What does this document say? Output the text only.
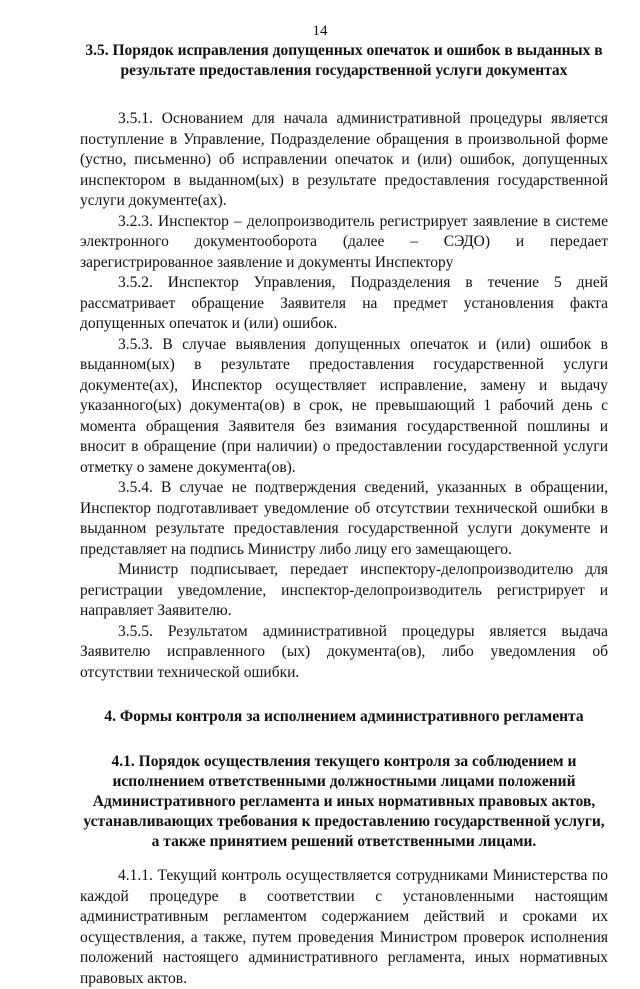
14

3.5. Порядок исправления допущенных опечаток и ошибок в выданных в результате предоставления государственной услуги документах

3.5.1. Основанием для начала административной процедуры является поступление в Управление, Подразделение обращения в произвольной форме (устно, письменно) об исправлении опечаток и (или) ошибок, допущенных инспектором в выданном(ых) в результате предоставления государственной услуги документе(ах).

3.2.3. Инспектор – делопроизводитель регистрирует заявление в системе электронного документооборота (далее – СЭДО) и передает зарегистрированное заявление и документы Инспектору

3.5.2. Инспектор Управления, Подразделения в течение 5 дней рассматривает обращение Заявителя на предмет установления факта допущенных опечаток и (или) ошибок.

3.5.3. В случае выявления допущенных опечаток и (или) ошибок в выданном(ых) в результате предоставления государственной услуги документе(ах), Инспектор осуществляет исправление, замену и выдачу указанного(ых) документа(ов) в срок, не превышающий 1 рабочий день с момента обращения Заявителя без взимания государственной пошлины и вносит в обращение (при наличии) о предоставлении государственной услуги отметку о замене документа(ов).

3.5.4. В случае не подтверждения сведений, указанных в обращении, Инспектор подготавливает уведомление об отсутствии технической ошибки в выданном результате предоставления государственной услуги документе и представляет на подпись Министру либо лицу его замещающего.

Министр подписывает, передает инспектору-делопроизводителю для регистрации уведомление, инспектор-делопроизводитель регистрирует и направляет Заявителю.

3.5.5. Результатом административной процедуры является выдача Заявителю исправленного (ых) документа(ов), либо уведомления об отсутствии технической ошибки.

4. Формы контроля за исполнением административного регламента

4.1. Порядок осуществления текущего контроля за соблюдением и исполнением ответственными должностными лицами положений Административного регламента и иных нормативных правовых актов, устанавливающих требования к предоставлению государственной услуги, а также принятием решений ответственными лицами.

4.1.1. Текущий контроль осуществляется сотрудниками Министерства по каждой процедуре в соответствии с установленными настоящим административным регламентом содержанием действий и сроками их осуществления, а также, путем проведения Министром проверок исполнения положений настоящего административного регламента, иных нормативных правовых актов.
